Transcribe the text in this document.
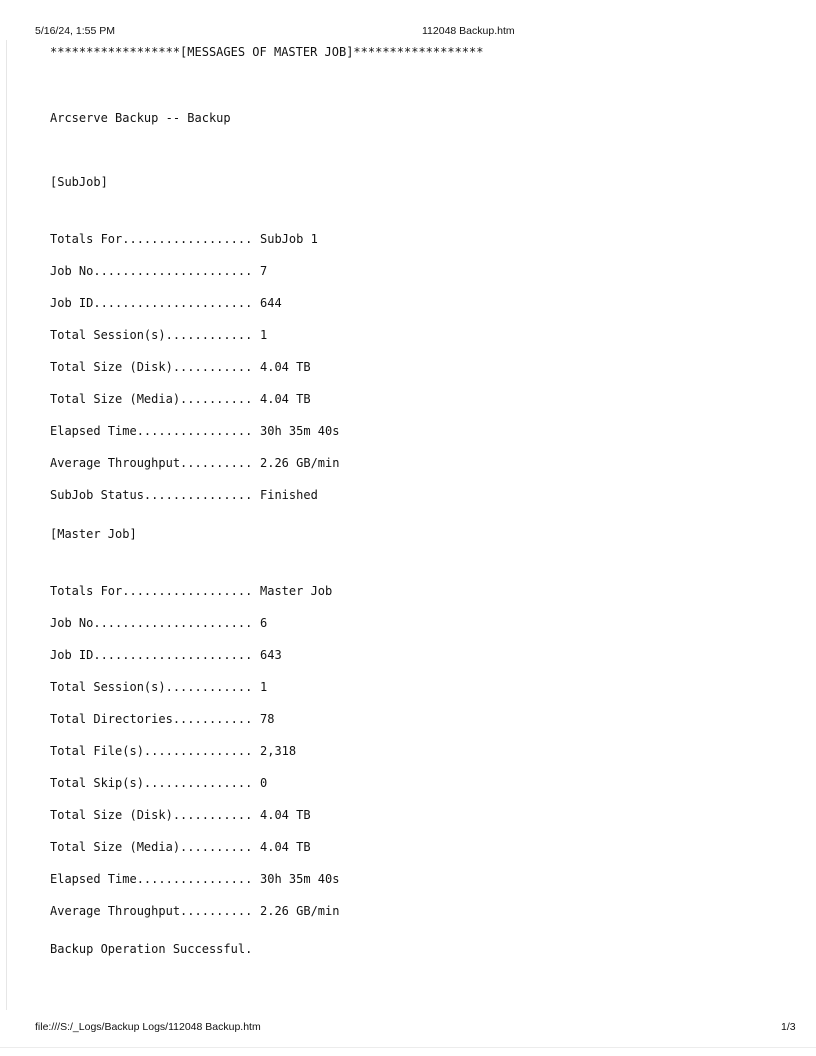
5/16/24, 1:55 PM	112048 Backup.htm
******************[MESSAGES OF MASTER JOB]******************
Arcserve Backup -- Backup
[SubJob]
Totals For.................. SubJob 1
Job No...................... 7
Job ID...................... 644
Total Session(s)............ 1
Total Size (Disk)........... 4.04 TB
Total Size (Media).......... 4.04 TB
Elapsed Time................ 30h 35m 40s
Average Throughput.......... 2.26 GB/min
SubJob Status............... Finished
[Master Job]
Totals For.................. Master Job
Job No...................... 6
Job ID...................... 643
Total Session(s)............ 1
Total Directories........... 78
Total File(s)............... 2,318
Total Skip(s)............... 0
Total Size (Disk)........... 4.04 TB
Total Size (Media).......... 4.04 TB
Elapsed Time................ 30h 35m 40s
Average Throughput.......... 2.26 GB/min
Backup Operation Successful.
file:///S:/_Logs/Backup Logs/112048 Backup.htm	1/3
